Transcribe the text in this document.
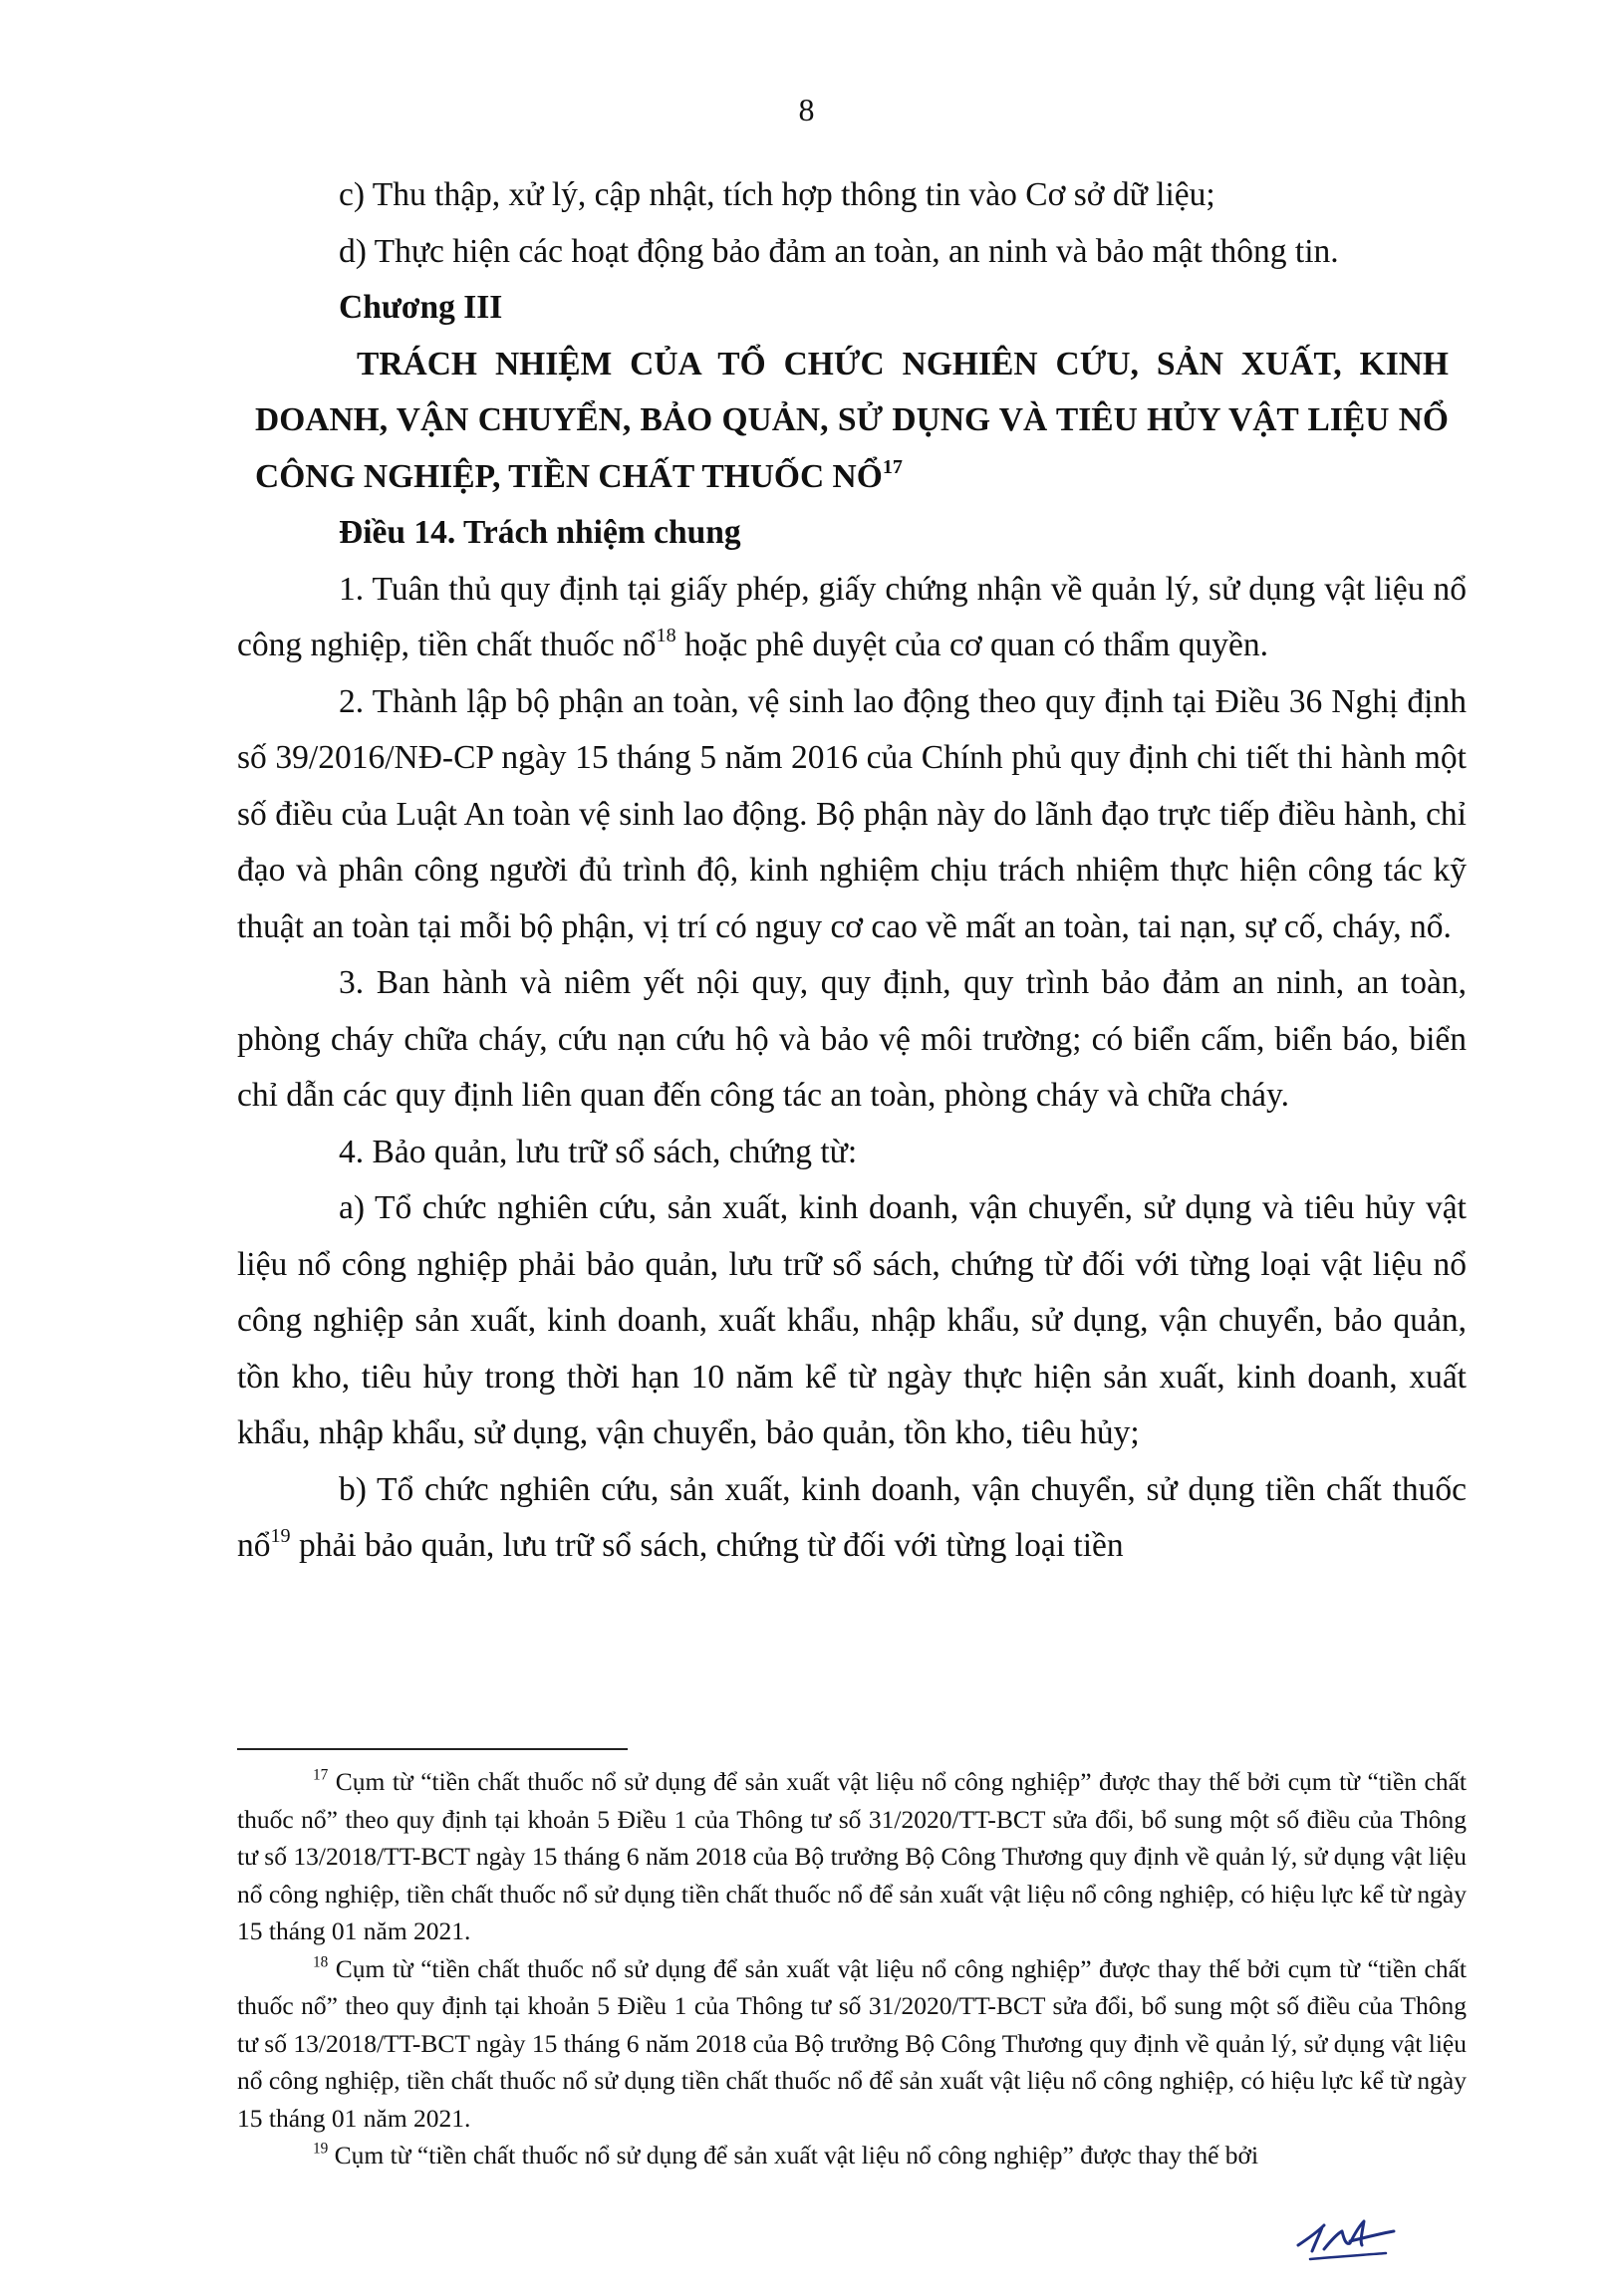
8

c) Thu thập, xử lý, cập nhật, tích hợp thông tin vào Cơ sở dữ liệu;

d) Thực hiện các hoạt động bảo đảm an toàn, an ninh và bảo mật thông tin.

Chương III

TRÁCH NHIỆM CỦA TỔ CHỨC NGHIÊN CỨU, SẢN XUẤT, KINH DOANH, VẬN CHUYỂN, BẢO QUẢN, SỬ DỤNG VÀ TIÊU HỦY VẬT LIỆU NỔ CÔNG NGHIỆP, TIỀN CHẤT THUỐC NỔ$^{17}$

Điều 14. Trách nhiệm chung

1. Tuân thủ quy định tại giấy phép, giấy chứng nhận về quản lý, sử dụng vật liệu nổ công nghiệp, tiền chất thuốc nổ$^{18}$ hoặc phê duyệt của cơ quan có thẩm quyền.

2. Thành lập bộ phận an toàn, vệ sinh lao động theo quy định tại Điều 36 Nghị định số 39/2016/NĐ-CP ngày 15 tháng 5 năm 2016 của Chính phủ quy định chi tiết thi hành một số điều của Luật An toàn vệ sinh lao động. Bộ phận này do lãnh đạo trực tiếp điều hành, chỉ đạo và phân công người đủ trình độ, kinh nghiệm chịu trách nhiệm thực hiện công tác kỹ thuật an toàn tại mỗi bộ phận, vị trí có nguy cơ cao về mất an toàn, tai nạn, sự cố, cháy, nổ.

3. Ban hành và niêm yết nội quy, quy định, quy trình bảo đảm an ninh, an toàn, phòng cháy chữa cháy, cứu nạn cứu hộ và bảo vệ môi trường; có biển cấm, biển báo, biển chỉ dẫn các quy định liên quan đến công tác an toàn, phòng cháy và chữa cháy.

4. Bảo quản, lưu trữ sổ sách, chứng từ:

a) Tổ chức nghiên cứu, sản xuất, kinh doanh, vận chuyển, sử dụng và tiêu hủy vật liệu nổ công nghiệp phải bảo quản, lưu trữ sổ sách, chứng từ đối với từng loại vật liệu nổ công nghiệp sản xuất, kinh doanh, xuất khẩu, nhập khẩu, sử dụng, vận chuyển, bảo quản, tồn kho, tiêu hủy trong thời hạn 10 năm kể từ ngày thực hiện sản xuất, kinh doanh, xuất khẩu, nhập khẩu, sử dụng, vận chuyển, bảo quản, tồn kho, tiêu hủy;

b) Tổ chức nghiên cứu, sản xuất, kinh doanh, vận chuyển, sử dụng tiền chất thuốc nổ$^{19}$ phải bảo quản, lưu trữ sổ sách, chứng từ đối với từng loại tiền

$^{17}$ Cụm từ “tiền chất thuốc nổ sử dụng để sản xuất vật liệu nổ công nghiệp” được thay thế bởi cụm từ “tiền chất thuốc nổ” theo quy định tại khoản 5 Điều 1 của Thông tư số 31/2020/TT-BCT sửa đổi, bổ sung một số điều của Thông tư số 13/2018/TT-BCT ngày 15 tháng 6 năm 2018 của Bộ trưởng Bộ Công Thương quy định về quản lý, sử dụng vật liệu nổ công nghiệp, tiền chất thuốc nổ sử dụng tiền chất thuốc nổ để sản xuất vật liệu nổ công nghiệp, có hiệu lực kể từ ngày 15 tháng 01 năm 2021.

$^{18}$ Cụm từ “tiền chất thuốc nổ sử dụng để sản xuất vật liệu nổ công nghiệp” được thay thế bởi cụm từ “tiền chất thuốc nổ” theo quy định tại khoản 5 Điều 1 của Thông tư số 31/2020/TT-BCT sửa đổi, bổ sung một số điều của Thông tư số 13/2018/TT-BCT ngày 15 tháng 6 năm 2018 của Bộ trưởng Bộ Công Thương quy định về quản lý, sử dụng vật liệu nổ công nghiệp, tiền chất thuốc nổ sử dụng tiền chất thuốc nổ để sản xuất vật liệu nổ công nghiệp, có hiệu lực kể từ ngày 15 tháng 01 năm 2021.

$^{19}$ Cụm từ “tiền chất thuốc nổ sử dụng để sản xuất vật liệu nổ công nghiệp” được thay thế bởi
